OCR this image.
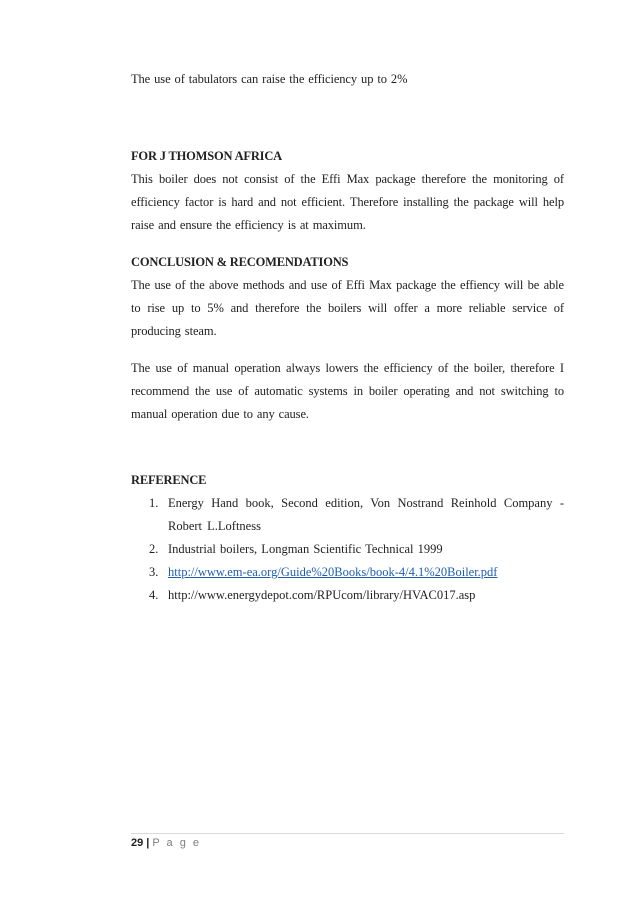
The use of tabulators can raise the efficiency up to 2%

FOR J THOMSON AFRICA

This boiler does not consist of the Effi Max package therefore the monitoring of efficiency factor is hard and not efficient. Therefore installing the package will help raise and ensure the efficiency is at maximum.

CONCLUSION & RECOMENDATIONS

The use of the above methods and use of Effi Max package the effiency will be able to rise up to 5% and therefore the boilers will offer a more reliable service of producing steam.

The use of manual operation always lowers the efficiency of the boiler, therefore I recommend the use of automatic systems in boiler operating and not switching to manual operation due to any cause.

REFERENCE
1. Energy Hand book, Second edition, Von Nostrand Reinhold Company - Robert L.Loftness
2. Industrial boilers, Longman Scientific Technical 1999
3. http://www.em-ea.org/Guide%20Books/book-4/4.1%20Boiler.pdf
4. http://www.energydepot.com/RPUcom/library/HVAC017.asp
29 | P a g e
